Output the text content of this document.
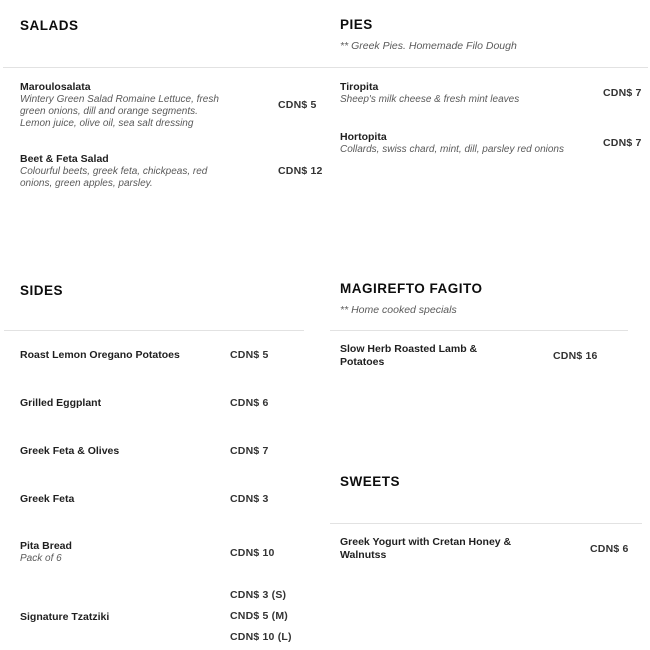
SALADS
Maroulosalata
Wintery Green Salad Romaine Lettuce, fresh green onions, dill and orange segments. Lemon juice, olive oil, sea salt dressing
CDN$ 5
Beet & Feta Salad
Colourful beets, greek feta, chickpeas, red onions, green apples, parsley.
CDN$ 12
PIES
** Greek Pies. Homemade Filo Dough
Tiropita
Sheep's milk cheese & fresh mint leaves
CDN$ 7
Hortopita
Collards, swiss chard, mint, dill, parsley red onions
CDN$ 7
SIDES
Roast Lemon Oregano Potatoes	CDN$ 5
Grilled Eggplant	CDN$ 6
Greek Feta & Olives	CDN$ 7
Greek Feta	CDN$ 3
Pita Bread
Pack of 6	CDN$ 10
Signature Tzatziki
CDN$ 3 (S)
CND$ 5 (M)
CDN$ 10 (L)
MAGIREFTO FAGITO
** Home cooked specials
Slow Herb Roasted Lamb & Potatoes	CDN$ 16
SWEETS
Greek Yogurt with Cretan Honey & Walnutss	CDN$ 6
